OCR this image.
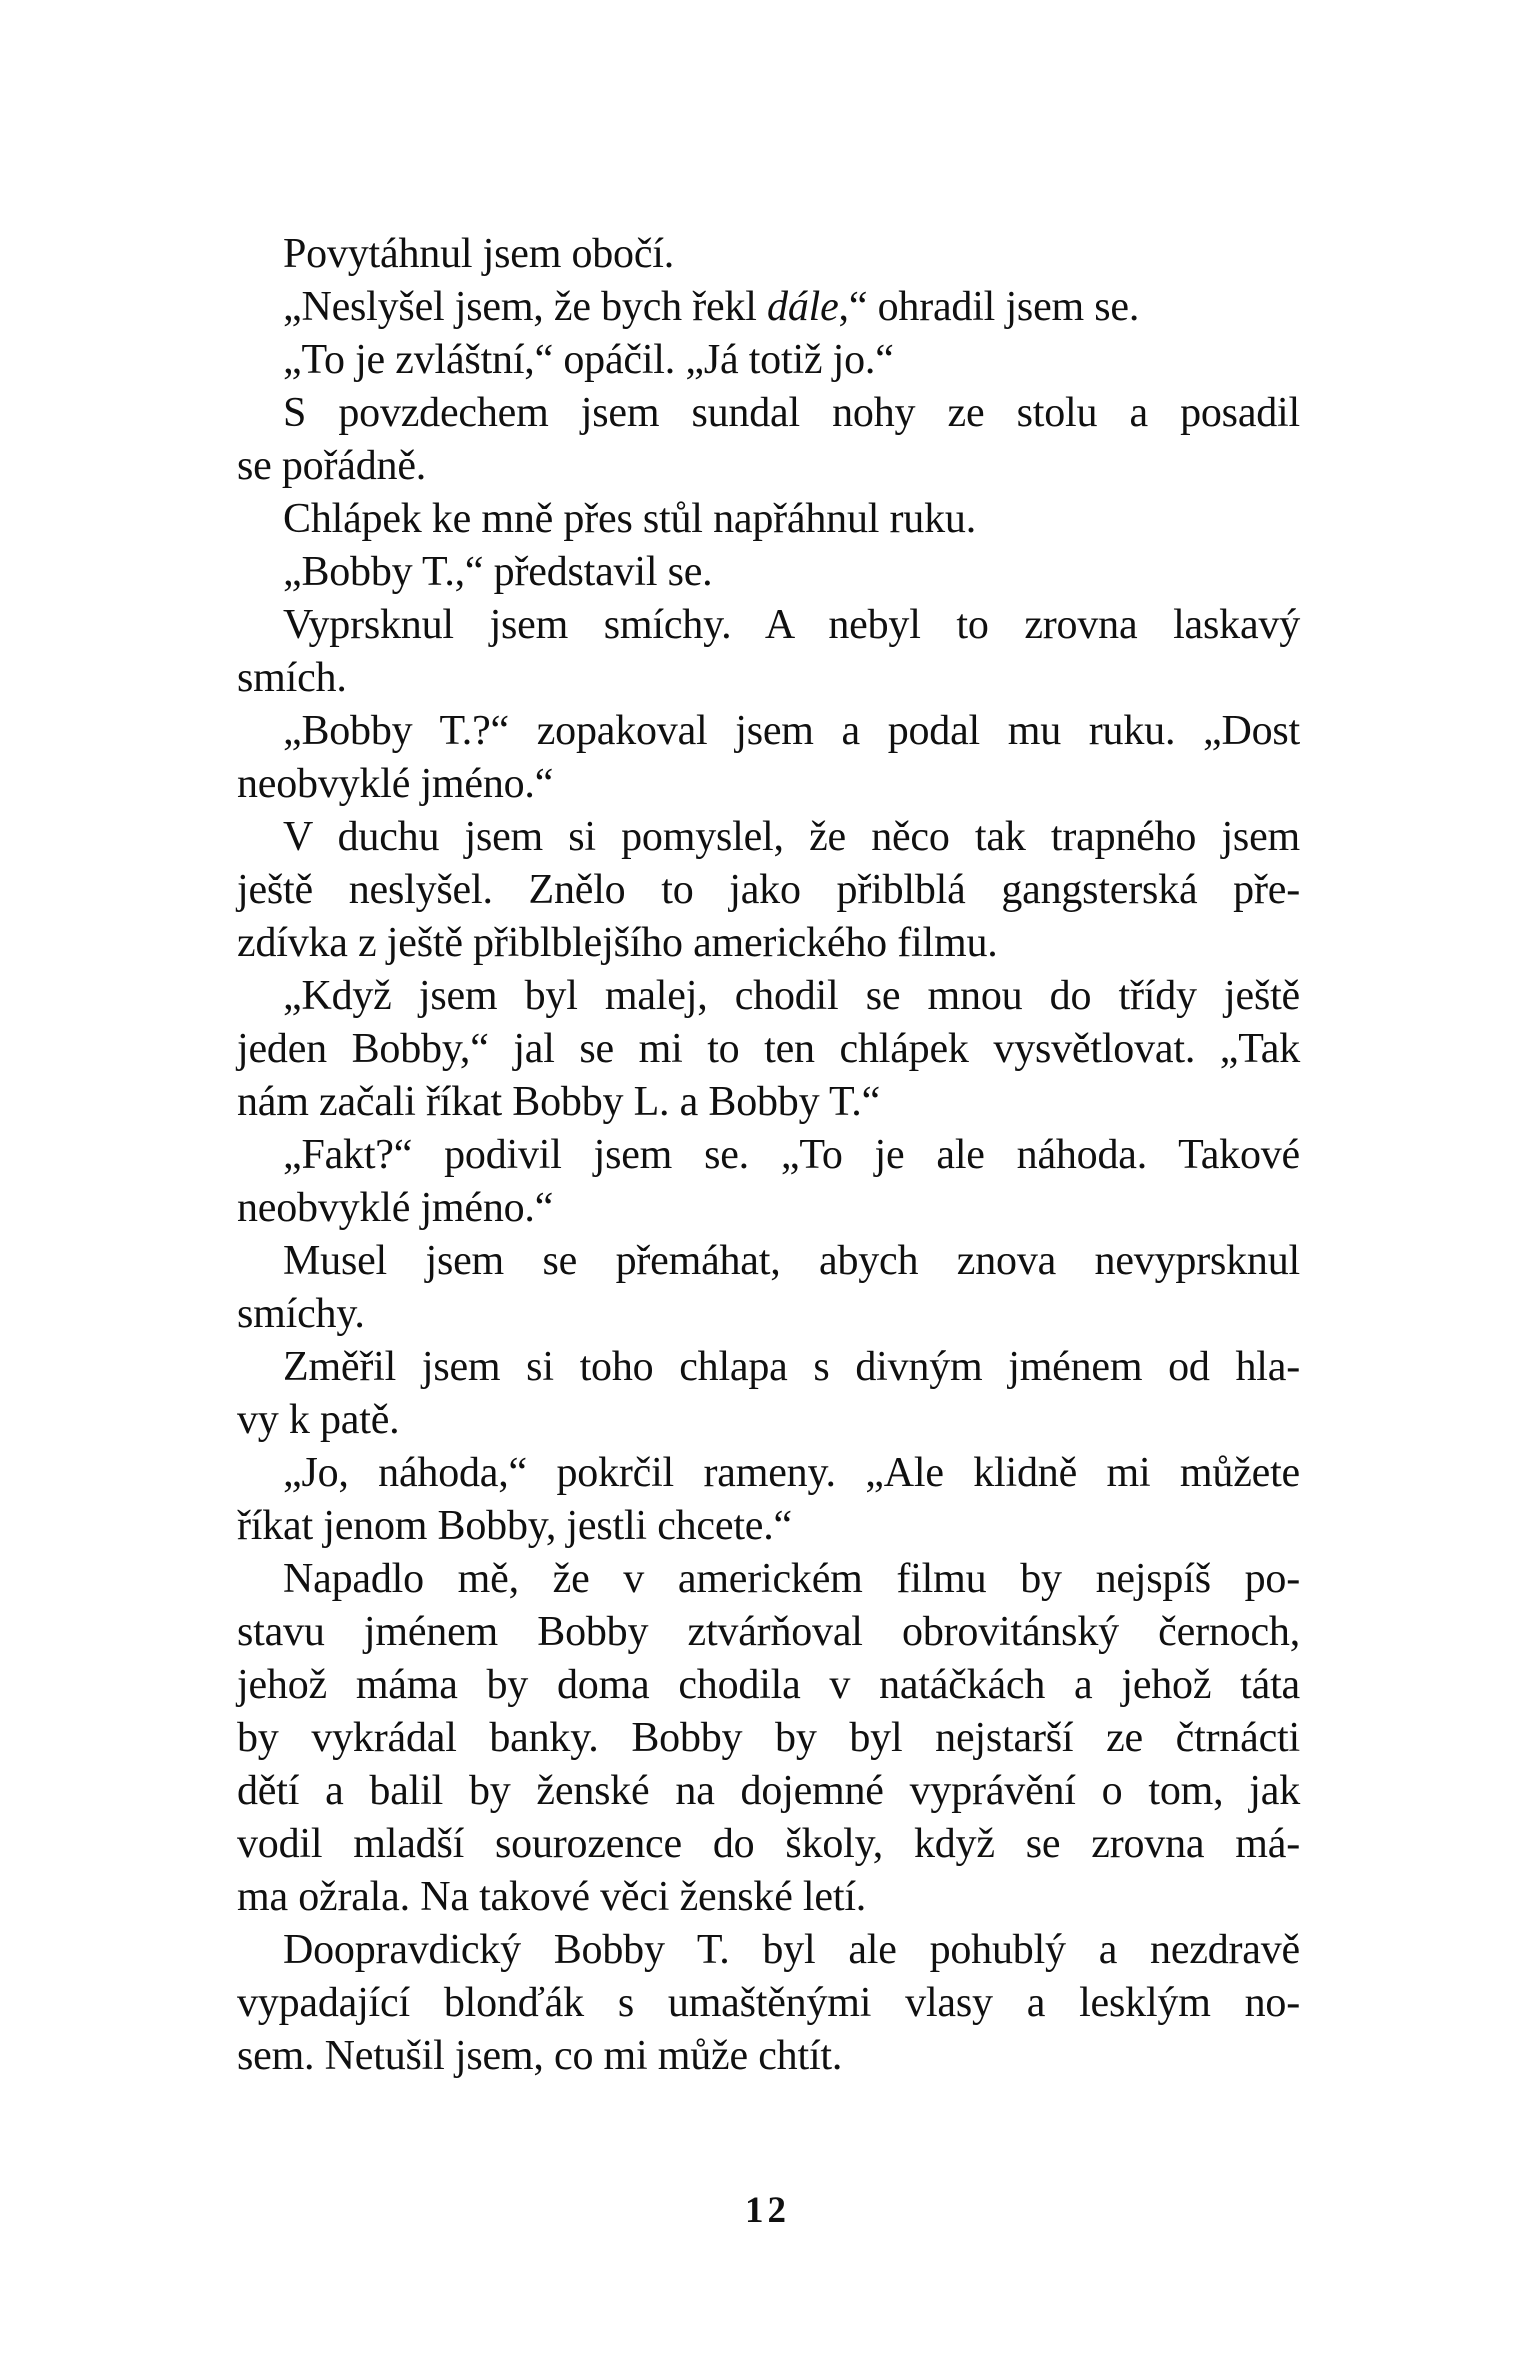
Povytáhnul jsem obočí.
„Neslyšel jsem, že bych řekl dále,“ ohradil jsem se.
„To je zvláštní,“ opáčil. „Já totiž jo.“
S povzdechem jsem sundal nohy ze stolu a posadil
se pořádně.
Chlápek ke mně přes stůl napřáhnul ruku.
„Bobby T.,“ představil se.
Vyprsknul jsem smíchy. A nebyl to zrovna laskavý
smích.
„Bobby T.?“ zopakoval jsem a podal mu ruku. „Dost
neobvyklé jméno.“
V duchu jsem si pomyslel, že něco tak trapného jsem
ještě neslyšel. Znělo to jako přiblblá gangsterská pře-
zdívka z ještě přiblblejšího amerického filmu.
„Když jsem byl malej, chodil se mnou do třídy ještě
jeden Bobby,“ jal se mi to ten chlápek vysvětlovat. „Tak
nám začali říkat Bobby L. a Bobby T.“
„Fakt?“ podivil jsem se. „To je ale náhoda. Takové
neobvyklé jméno.“
Musel jsem se přemáhat, abych znova nevyprsknul
smíchy.
Změřil jsem si toho chlapa s divným jménem od hla-
vy k patě.
„Jo, náhoda,“ pokrčil rameny. „Ale klidně mi můžete
říkat jenom Bobby, jestli chcete.“
Napadlo mě, že v americkém filmu by nejspíš po-
stavu jménem Bobby ztvárňoval obrovitánský černoch,
jehož máma by doma chodila v natáčkách a jehož táta
by vykrádal banky. Bobby by byl nejstarší ze čtrnácti
dětí a balil by ženské na dojemné vyprávění o tom, jak
vodil mladší sourozence do školy, když se zrovna má-
ma ožrala. Na takové věci ženské letí.
Doopravdický Bobby T. byl ale pohublý a nezdravě
vypadající blonďák s umaštěnými vlasy a lesklým no-
sem. Netušil jsem, co mi může chtít.
12
